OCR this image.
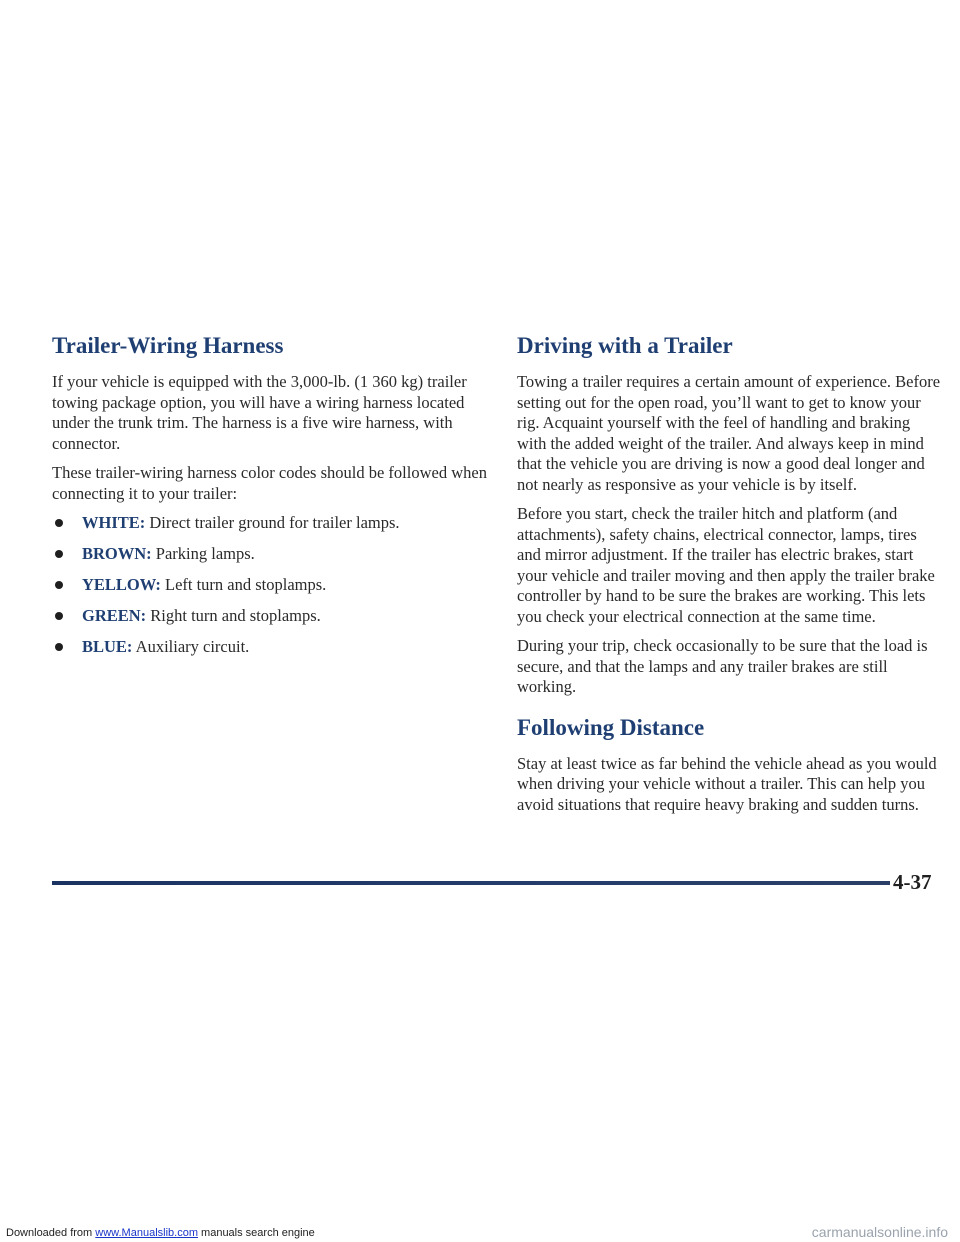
Trailer-Wiring Harness

If your vehicle is equipped with the 3,000-lb. (1 360 kg) trailer towing package option, you will have a wiring harness located under the trunk trim. The harness is a five wire harness, with connector.

These trailer-wiring harness color codes should be followed when connecting it to your trailer:

WHITE: Direct trailer ground for trailer lamps.
BROWN: Parking lamps.
YELLOW: Left turn and stoplamps.
GREEN: Right turn and stoplamps.
BLUE: Auxiliary circuit.
Driving with a Trailer

Towing a trailer requires a certain amount of experience. Before setting out for the open road, you’ll want to get to know your rig. Acquaint yourself with the feel of handling and braking with the added weight of the trailer. And always keep in mind that the vehicle you are driving is now a good deal longer and not nearly as responsive as your vehicle is by itself.

Before you start, check the trailer hitch and platform (and attachments), safety chains, electrical connector, lamps, tires and mirror adjustment. If the trailer has electric brakes, start your vehicle and trailer moving and then apply the trailer brake controller by hand to be sure the brakes are working. This lets you check your electrical connection at the same time.

During your trip, check occasionally to be sure that the load is secure, and that the lamps and any trailer brakes are still working.

Following Distance

Stay at least twice as far behind the vehicle ahead as you would when driving your vehicle without a trailer. This can help you avoid situations that require heavy braking and sudden turns.

4-37
Downloaded from www.Manualslib.com manuals search engine	carmanualsonline.info
